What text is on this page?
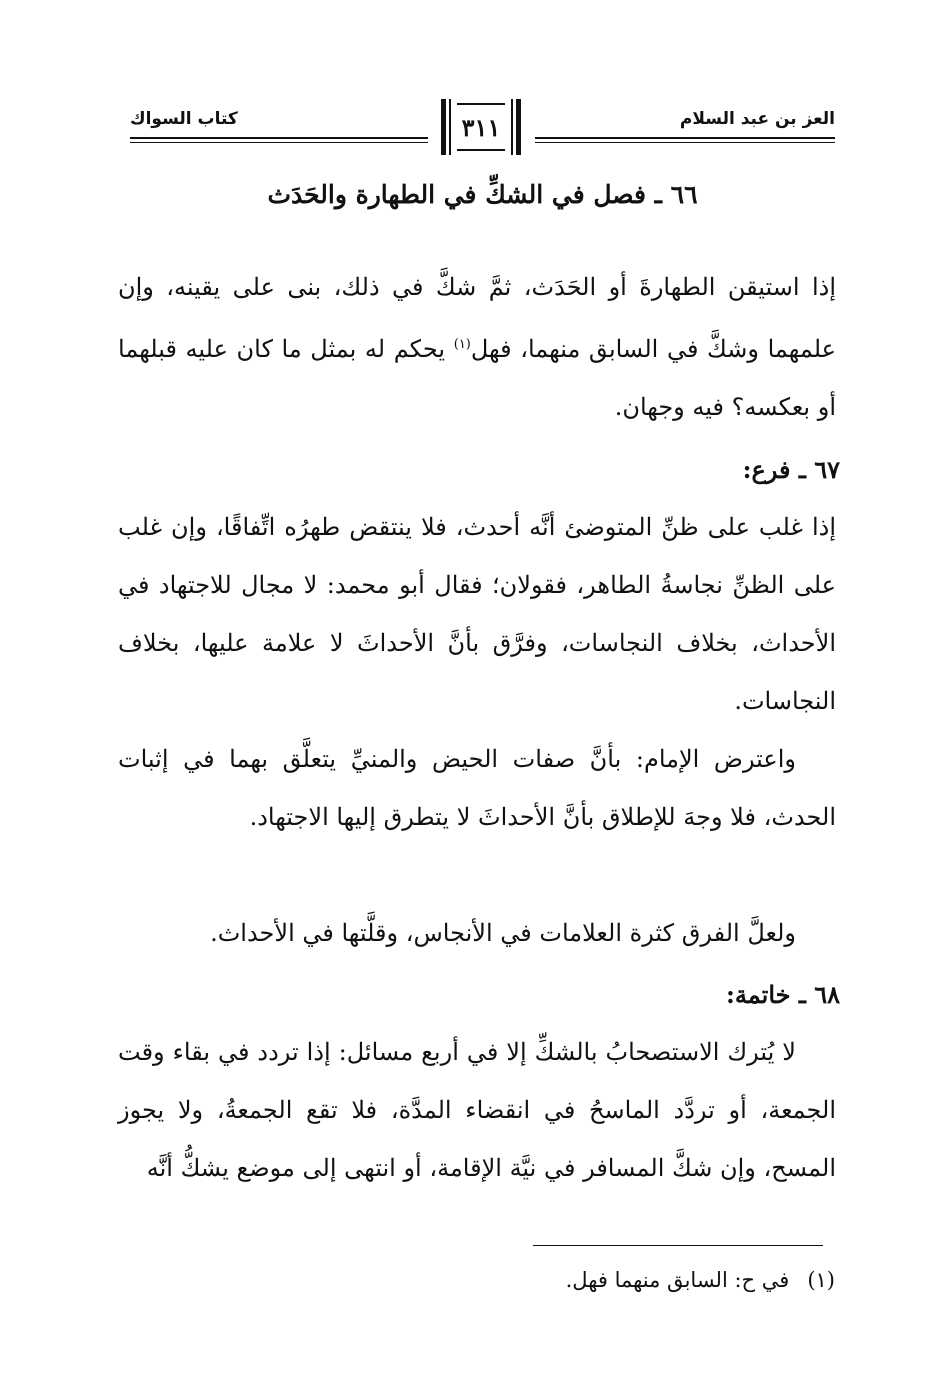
العز بن عبد السلام
كتاب السواك	٣١١
٦٦ ـ فصل في الشكِّ في الطهارة والحَدَث
إذا استيقن الطهارةَ أو الحَدَث، ثمَّ شكَّ في ذلك، بنى على يقينه، وإن علمهما وشكَّ في السابق منهما، فهل$^{(١)}$ يحكم له بمثل ما كان عليه قبلهما أو بعكسه؟ فيه وجهان.
٦٧ ـ فرع:
إذا غلب على ظنِّ المتوضئ أنَّه أحدث، فلا ينتقض طهرُه اتِّفاقًا، وإن غلب على الظنِّ نجاسةُ الطاهر، فقولان؛ فقال أبو محمد: لا مجال للاجتهاد في الأحداث، بخلاف النجاسات، وفرَّق بأنَّ الأحداثَ لا علامة عليها، بخلاف النجاسات.
واعترض الإمام: بأنَّ صفات الحيض والمنيِّ يتعلَّق بهما في إثبات الحدث، فلا وجهَ للإطلاق بأنَّ الأحداثَ لا يتطرق إليها الاجتهاد.
ولعلَّ الفرق كثرة العلامات في الأنجاس، وقلَّتها في الأحداث.
٦٨ ـ خاتمة:
لا يُترك الاستصحابُ بالشكِّ إلا في أربع مسائل: إذا تردد في بقاء وقت الجمعة، أو تردَّد الماسحُ في انقضاء المدَّة، فلا تقع الجمعةُ، ولا يجوز المسح، وإن شكَّ المسافر في نيَّة الإقامة، أو انتهى إلى موضع يشكُّ أنَّه
(١)في ح: السابق منهما فهل.
